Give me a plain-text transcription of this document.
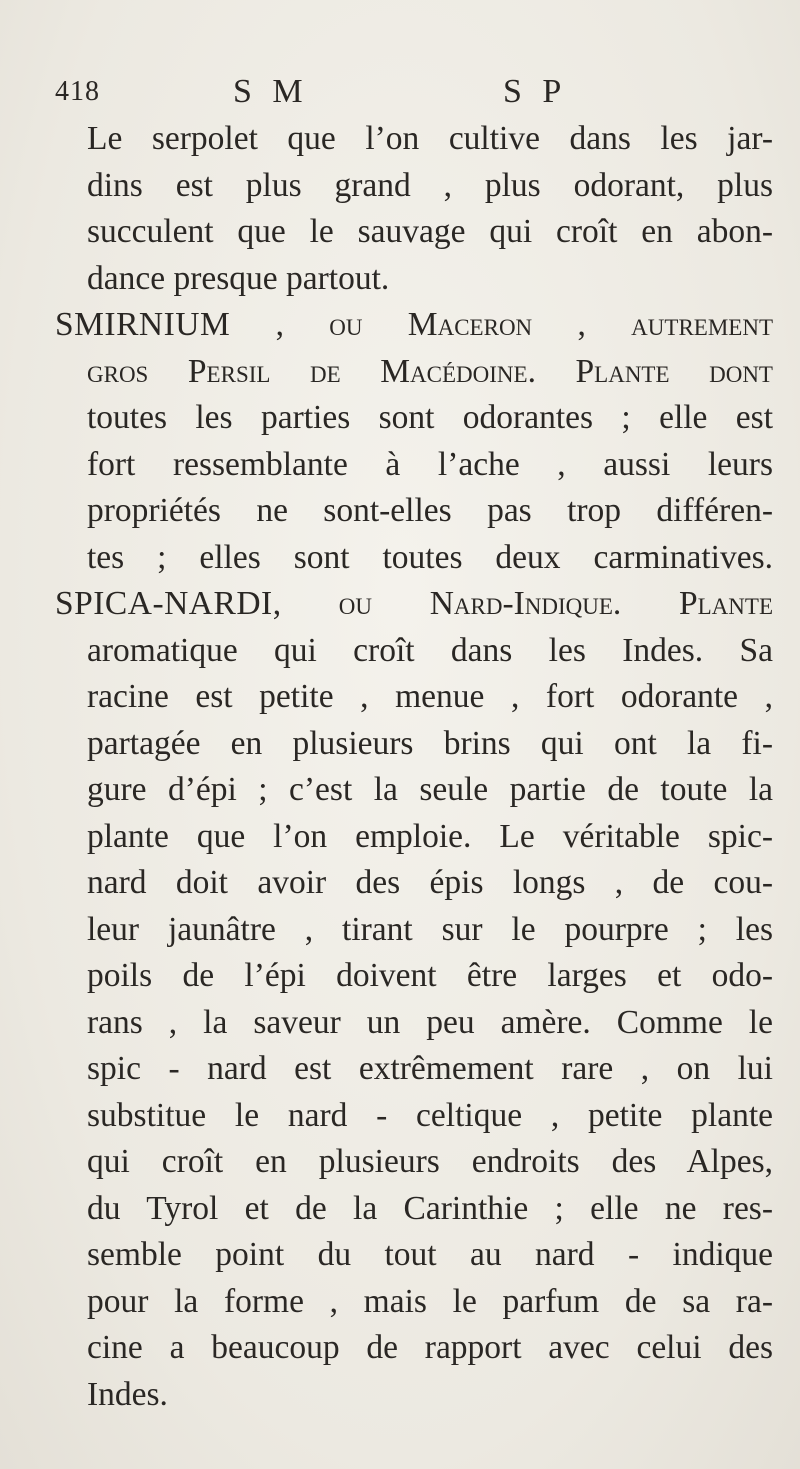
418	S M	S P
Le serpolet que l’on cultive dans les jar-
dins est plus grand , plus odorant, plus
succulent que le sauvage qui croît en abon-
dance presque partout.
SMIRNIUM , ou Maceron , autrement
gros Persil de Macédoine. Plante dont
toutes les parties sont odorantes ; elle est
fort ressemblante à l’ache , aussi leurs
propriétés ne sont-elles pas trop différen-
tes ; elles sont toutes deux carminatives.
SPICA-NARDI, ou Nard-Indique. Plante
aromatique qui croît dans les Indes. Sa
racine est petite , menue , fort odorante ,
partagée en plusieurs brins qui ont la fi-
gure d’épi ; c’est la seule partie de toute la
plante que l’on emploie. Le véritable spic-
nard doit avoir des épis longs , de cou-
leur jaunâtre , tirant sur le pourpre ; les
poils de l’épi doivent être larges et odo-
rans , la saveur un peu amère. Comme le
spic - nard est extrêmement rare , on lui
substitue le nard - celtique , petite plante
qui croît en plusieurs endroits des Alpes,
du Tyrol et de la Carinthie ; elle ne res-
semble point du tout au nard - indique
pour la forme , mais le parfum de sa ra-
cine a beaucoup de rapport avec celui des
Indes.
